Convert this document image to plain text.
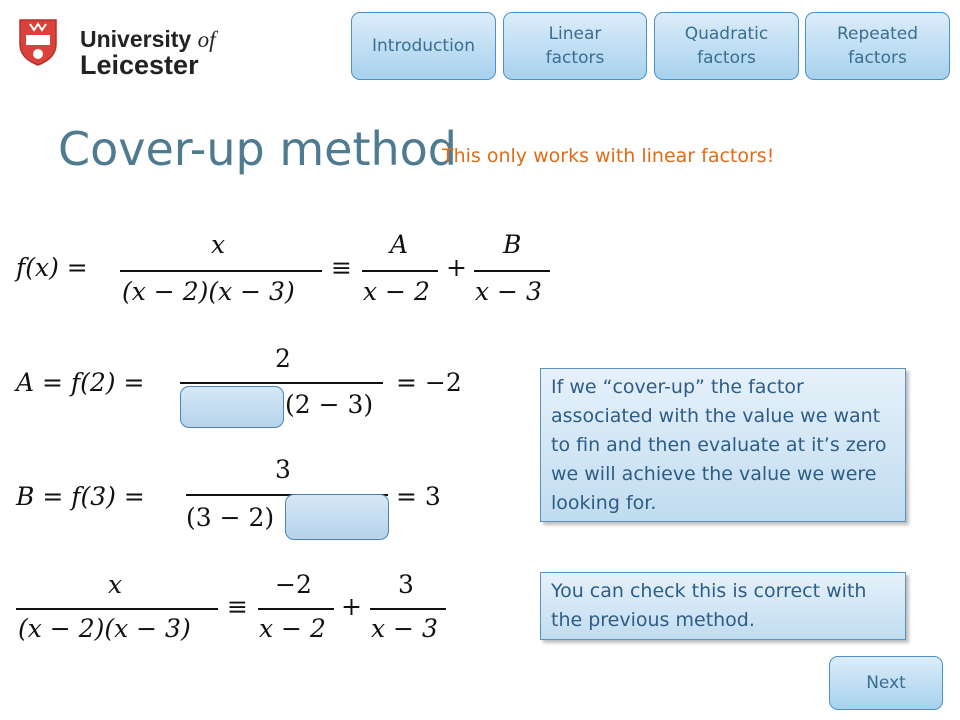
University of
Leicester
Introduction
Linear factors
Quadratic factors
Repeated factors
Cover-up method
This only works with linear factors!
f(x) =
x
(x − 2)(x − 3)
≡
A
x − 2
+
B
x − 3
A = f(2) =
2
(2 − 3)
= −2
B = f(3) =
3
(3 − 2)
= 3
x
(x − 2)(x − 3)
≡
−2
x − 2
+
3
x − 3
If we “cover-up” the factor associated with the value we want to fin and then evaluate at it’s zero we will achieve the value we were looking for.
You can check this is correct with the previous method.
Next
